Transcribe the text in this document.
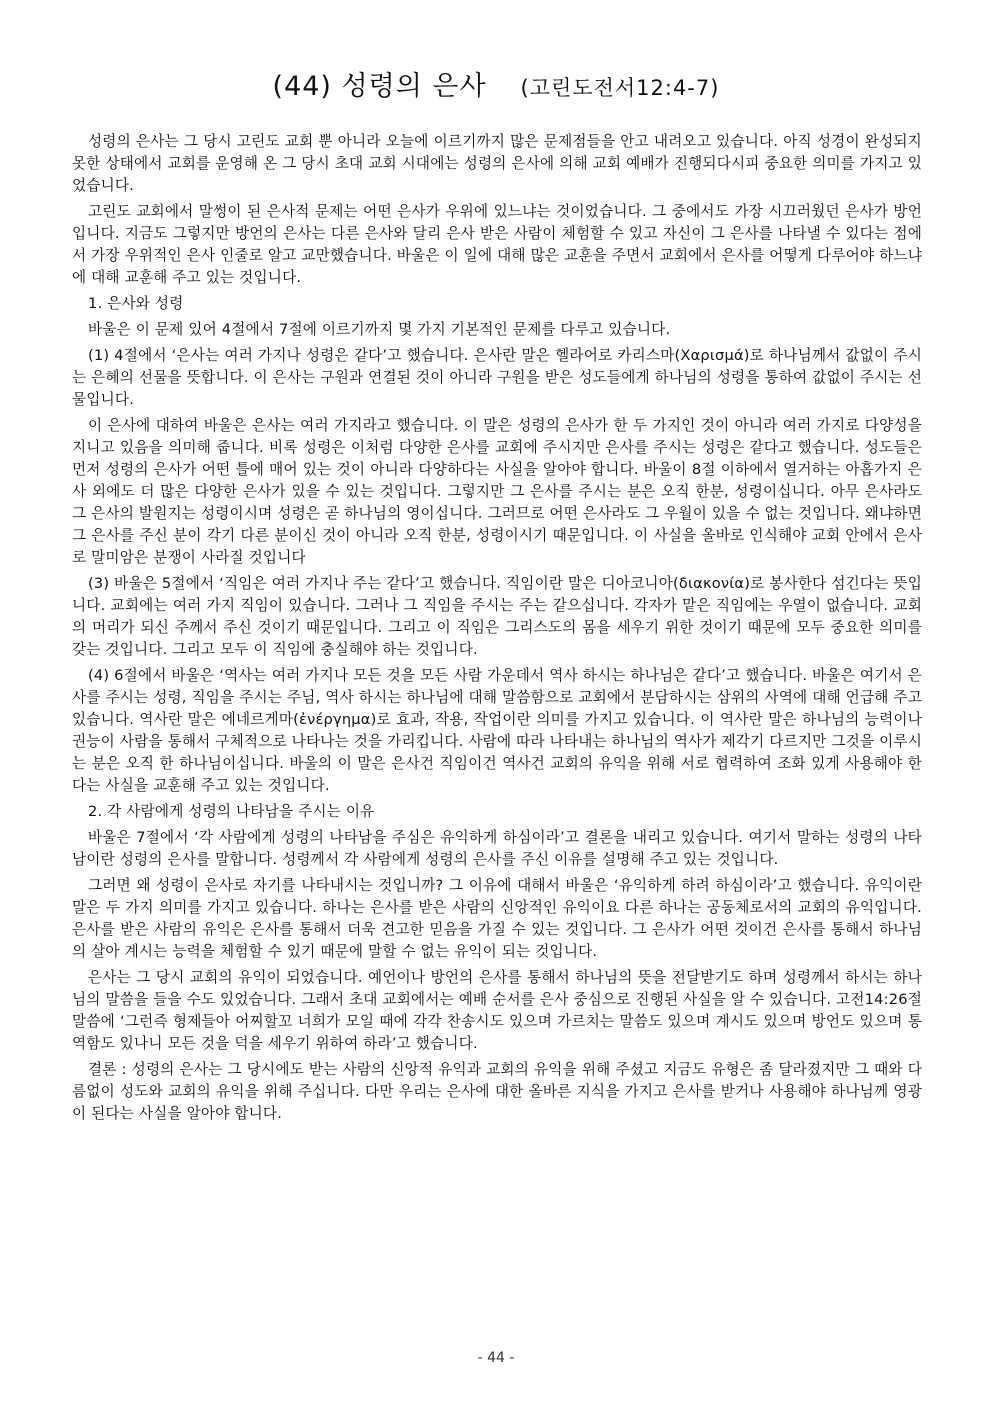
(44) 성령의 은사 (고린도전서12:4-7)

성령의 은사는 그 당시 고린도 교회 뿐 아니라 오늘에 이르기까지 많은 문제점들을 안고 내려오고 있습니다. 아직 성경이 완성되지 못한 상태에서 교회를 운영해 온 그 당시 초대 교회 시대에는 성령의 은사에 의해 교회 예배가 진행되다시피 중요한 의미를 가지고 있었습니다.

고린도 교회에서 말썽이 된 은사적 문제는 어떤 은사가 우위에 있느냐는 것이었습니다. 그 중에서도 가장 시끄러웠던 은사가 방언입니다. 지금도 그렇지만 방언의 은사는 다른 은사와 달리 은사 받은 사람이 체험할 수 있고 자신이 그 은사를 나타낼 수 있다는 점에서 가장 우위적인 은사 인줄로 알고 교만했습니다. 바울은 이 일에 대해 많은 교훈을 주면서 교회에서 은사를 어떻게 다루어야 하느냐에 대해 교훈해 주고 있는 것입니다.

1. 은사와 성령

바울은 이 문제 있어 4절에서 7절에 이르기까지 몇 가지 기본적인 문제를 다루고 있습니다.

(1) 4절에서 ‘은사는 여러 가지나 성령은 같다’고 했습니다. 은사란 말은 헬라어로 카리스마(Χαρισμά)로 하나님께서 값없이 주시는 은혜의 선물을 뜻합니다. 이 은사는 구원과 연결된 것이 아니라 구원을 받은 성도들에게 하나님의 성령을 통하여 값없이 주시는 선물입니다.

이 은사에 대하여 바울은 은사는 여러 가지라고 했습니다. 이 말은 성령의 은사가 한 두 가지인 것이 아니라 여러 가지로 다양성을 지니고 있음을 의미해 줍니다. 비록 성령은 이처럼 다양한 은사를 교회에 주시지만 은사를 주시는 성령은 같다고 했습니다. 성도들은 먼저 성령의 은사가 어떤 틀에 매어 있는 것이 아니라 다양하다는 사실을 알아야 합니다. 바울이 8절 이하에서 열거하는 아홉가지 은사 외에도 더 많은 다양한 은사가 있을 수 있는 것입니다. 그렇지만 그 은사를 주시는 분은 오직 한분, 성령이십니다. 아무 은사라도 그 은사의 발원지는 성령이시며 성령은 곧 하나님의 영이십니다. 그러므로 어떤 은사라도 그 우월이 있을 수 없는 것입니다. 왜냐하면 그 은사를 주신 분이 각기 다른 분이신 것이 아니라 오직 한분, 성령이시기 때문입니다. 이 사실을 올바로 인식해야 교회 안에서 은사로 말미암은 분쟁이 사라질 것입니다

(3) 바울은 5절에서 ‘직임은 여러 가지나 주는 같다’고 했습니다. 직임이란 말은 디아코니아(διακονία)로 봉사한다 섬긴다는 뜻입니다. 교회에는 여러 가지 직임이 있습니다. 그러나 그 직임을 주시는 주는 같으십니다. 각자가 맡은 직임에는 우열이 없습니다. 교회의 머리가 되신 주께서 주신 것이기 때문입니다. 그리고 이 직임은 그리스도의 몸을 세우기 위한 것이기 때문에 모두 중요한 의미를 갖는 것입니다. 그리고 모두 이 직임에 충실해야 하는 것입니다.

(4) 6절에서 바울은 ‘역사는 여러 가지나 모든 것을 모든 사람 가운데서 역사 하시는 하나님은 같다’고 했습니다. 바울은 여기서 은사를 주시는 성령, 직임을 주시는 주님, 역사 하시는 하나님에 대해 말씀함으로 교회에서 분담하시는 삼위의 사역에 대해 언급해 주고 있습니다. 역사란 말은 에네르게마(ἐνέργημα)로 효과, 작용, 작업이란 의미를 가지고 있습니다. 이 역사란 말은 하나님의 능력이나 권능이 사람을 통해서 구체적으로 나타나는 것을 가리킵니다. 사람에 따라 나타내는 하나님의 역사가 제각기 다르지만 그것을 이루시는 분은 오직 한 하나님이십니다. 바울의 이 말은 은사건 직임이건 역사건 교회의 유익을 위해 서로 협력하여 조화 있게 사용해야 한다는 사실을 교훈해 주고 있는 것입니다.

2. 각 사람에게 성령의 나타남을 주시는 이유

바울은 7절에서 ‘각 사람에게 성령의 나타남을 주심은 유익하게 하심이라’고 결론을 내리고 있습니다. 여기서 말하는 성령의 나타남이란 성령의 은사를 말합니다. 성령께서 각 사람에게 성령의 은사를 주신 이유를 설명해 주고 있는 것입니다.

그러면 왜 성령이 은사로 자기를 나타내시는 것입니까? 그 이유에 대해서 바울은 ‘유익하게 하려 하심이라’고 했습니다. 유익이란 말은 두 가지 의미를 가지고 있습니다. 하나는 은사를 받은 사람의 신앙적인 유익이요 다른 하나는 공동체로서의 교회의 유익입니다. 은사를 받은 사람의 유익은 은사를 통해서 더욱 견고한 믿음을 가질 수 있는 것입니다. 그 은사가 어떤 것이건 은사를 통해서 하나님의 살아 계시는 능력을 체험할 수 있기 때문에 말할 수 없는 유익이 되는 것입니다.

은사는 그 당시 교회의 유익이 되었습니다. 예언이나 방언의 은사를 통해서 하나님의 뜻을 전달받기도 하며 성령께서 하시는 하나님의 말씀을 들을 수도 있었습니다. 그래서 초대 교회에서는 예배 순서를 은사 중심으로 진행된 사실을 알 수 있습니다. 고전14:26절 말씀에 ‘그런즉 형제들아 어찌할꼬 너희가 모일 때에 각각 찬송시도 있으며 가르치는 말씀도 있으며 계시도 있으며 방언도 있으며 통역함도 있나니 모든 것을 덕을 세우기 위하여 하라’고 했습니다.

결론 : 성령의 은사는 그 당시에도 받는 사람의 신앙적 유익과 교회의 유익을 위해 주셨고 지금도 유형은 좀 달라졌지만 그 때와 다름없이 성도와 교회의 유익을 위해 주십니다. 다만 우리는 은사에 대한 올바른 지식을 가지고 은사를 받거나 사용해야 하나님께 영광이 된다는 사실을 알아야 합니다.

- 44 -
